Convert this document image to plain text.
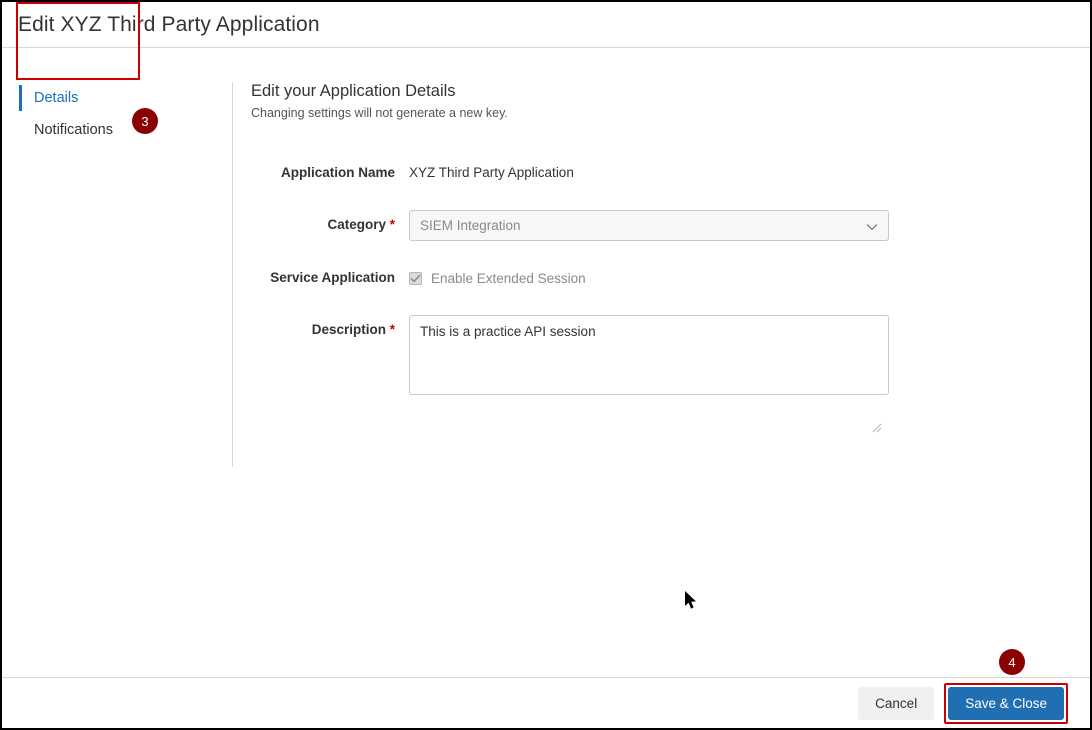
Edit XYZ Third Party Application
Details
Notifications
3
4
Edit your Application Details
Changing settings will not generate a new key.
Application Name	XYZ Third Party Application
Category *	SIEM Integration
Service Application	Enable Extended Session
Description *	This is a practice API session
Cancel	Save & Close
